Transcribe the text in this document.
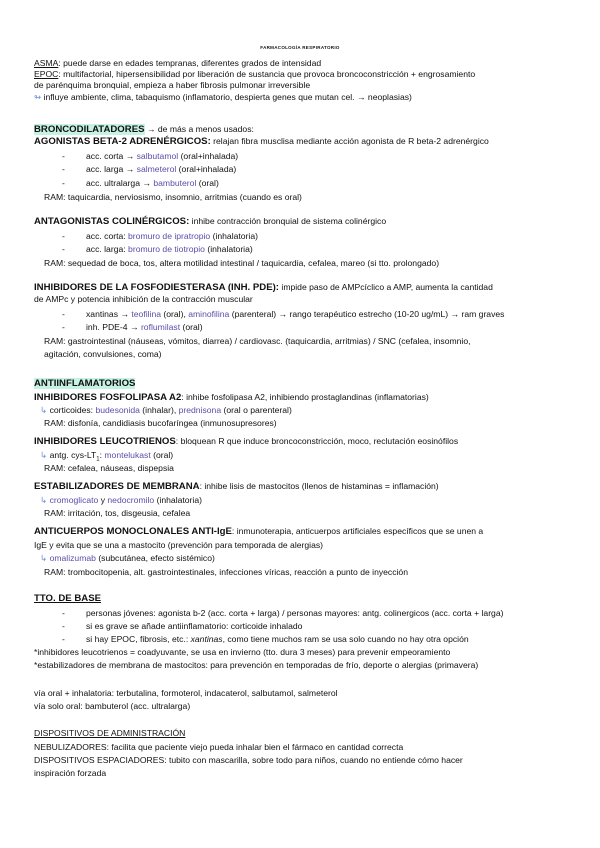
FARMACOLOGÍA RESPIRATORIO
ASMA: puede darse en edades tempranas, diferentes grados de intensidad
EPOC: multifactorial, hipersensibilidad por liberación de sustancia que provoca broncoconstricción + engrosamiento
de parénquima bronquial, empieza a haber fibrosis pulmonar irreversible
↬ influye ambiente, clima, tabaquismo (inflamatorio, despierta genes que mutan cel. → neoplasias)
BRONCODILATADORES → de más a menos usados:
AGONISTAS BETA-2 ADRENÉRGICOS: relajan fibra musclisa mediante acción agonista de R beta-2 adrenérgico
- acc. corta → salbutamol (oral+inhalada)
- acc. larga → salmeterol (oral+inhalada)
- acc. ultralarga → bambuterol (oral)
RAM: taquicardia, nerviosismo, insomnio, arritmias (cuando es oral)
ANTAGONISTAS COLINÉRGICOS: inhibe contracción bronquial de sistema colinérgico
- acc. corta: bromuro de ipratropio (inhalatoria)
- acc. larga: bromuro de tiotropio (inhalatoria)
RAM: sequedad de boca, tos, altera motilidad intestinal / taquicardia, cefalea, mareo (si tto. prolongado)
INHIBIDORES DE LA FOSFODIESTERASA (INH. PDE): impide paso de AMPcíclico a AMP, aumenta la cantidad
de AMPc y potencia inhibición de la contracción muscular
- xantinas → teofilina (oral), aminofilina (parenteral) → rango terapéutico estrecho (10-20 ug/mL) → ram graves
- inh. PDE-4 → roflumilast (oral)
RAM: gastrointestinal (náuseas, vómitos, diarrea) / cardiovasc. (taquicardia, arritmias) / SNC (cefalea, insomnio,
agitación, convulsiones, coma)
ANTIINFLAMATORIOS
INHIBIDORES FOSFOLIPASA A2: inhibe fosfolipasa A2, inhibiendo prostaglandinas (inflamatorias)
↳ corticoides: budesonida (inhalar), prednisona (oral o parenteral)
RAM: disfonía, candidiasis bucofaríngea (inmunosupresores)
INHIBIDORES LEUCOTRIENOS: bloquean R que induce broncoconstricción, moco, reclutación eosinófilos
↳ antg. cys-$LT_1$: montelukast (oral)
RAM: cefalea, náuseas, dispepsia
ESTABILIZADORES DE MEMBRANA: inhibe lisis de mastocitos (llenos de histaminas = inflamación)
↳ cromoglicato y nedocromilo (inhalatoria)
RAM: irritación, tos, disgeusia, cefalea
ANTICUERPOS MONOCLONALES ANTI-IgE: inmunoterapia, anticuerpos artificiales específicos que se unen a
IgE y evita que se una a mastocito (prevención para temporada de alergias)
↳ omalizumab (subcutánea, efecto sistémico)
RAM: trombocitopenia, alt. gastrointestinales, infecciones víricas, reacción a punto de inyección
TTO. DE BASE
- personas jóvenes: agonista b-2 (acc. corta + larga) / personas mayores: antg. colinergicos (acc. corta + larga)
- si es grave se añade antiinflamatorio: corticoide inhalado
- si hay EPOC, fibrosis, etc.: xantinas, como tiene muchos ram se usa solo cuando no hay otra opción
*inhibidores leucotrienos = coadyuvante, se usa en invierno (tto. dura 3 meses) para prevenir empeoramiento
*estabilizadores de membrana de mastocitos: para prevención en temporadas de frío, deporte o alergias (primavera)
vía oral + inhalatoria: terbutalina, formoterol, indacaterol, salbutamol, salmeterol
vía solo oral: bambuterol (acc. ultralarga)
DISPOSITIVOS DE ADMINISTRACIÓN
NEBULIZADORES: facilita que paciente viejo pueda inhalar bien el fármaco en cantidad correcta
DISPOSITIVOS ESPACIADORES: tubito con mascarilla, sobre todo para niños, cuando no entiende cómo hacer
inspiración forzada
